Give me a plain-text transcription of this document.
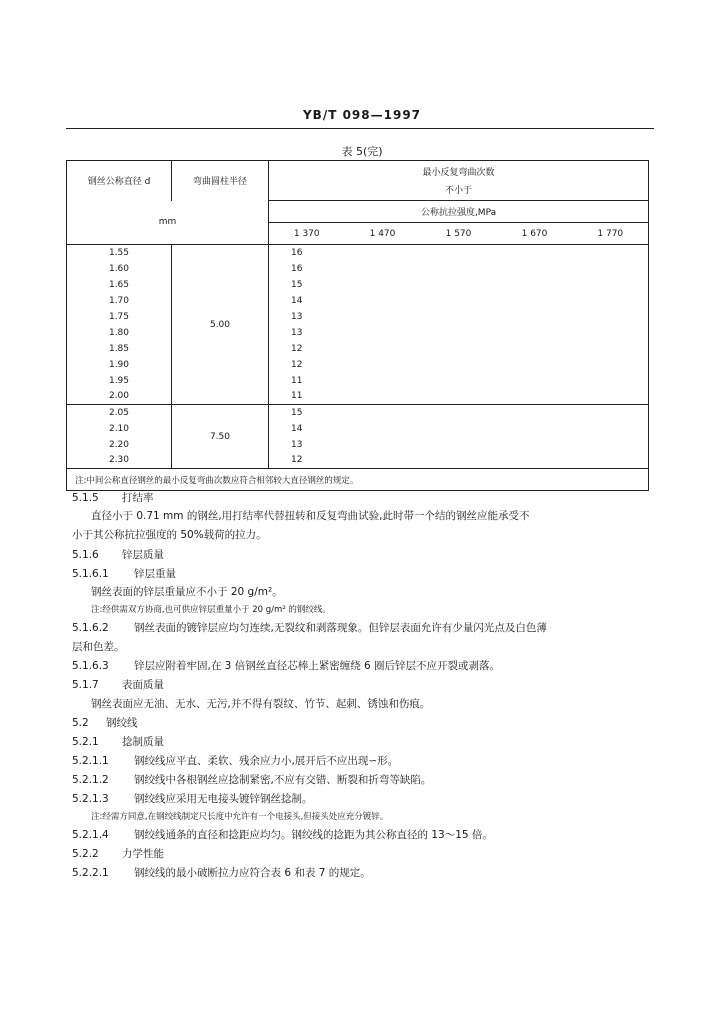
YB/T 098—1997
表 5(完)
钢丝公称直径 d	弯曲圆柱半径	最小反复弯曲次数
不小于				

mm		公称抗拉强度,MPa				
		1 370	1 470	1 570	1 670	1 770
1.55	5.00	16				
1.60		16				
1.65		15				
1.70		14				
1.75		13				
1.80		13				
1.85		12				
1.90		12				
1.95		11				
2.00		11				
2.05	7.50	15				
2.10		14				
2.20		13				
2.30		12				
注:中间公称直径钢丝的最小反复弯曲次数应符合相邻较大直径钢丝的规定。						
5.1.5 打结率
直径小于 0.71 mm 的钢丝,用打结率代替扭转和反复弯曲试验,此时带一个结的钢丝应能承受不
小于其公称抗拉强度的 50%载荷的拉力。
5.1.6 锌层质量
5.1.6.1 锌层重量
钢丝表面的锌层重量应不小于 20 g/m²。
注:经供需双方协商,也可供应锌层重量小于 20 g/m² 的钢绞线。
5.1.6.2 钢丝表面的镀锌层应均匀连续,无裂纹和剥落现象。但锌层表面允许有少量闪光点及白色薄
层和色差。
5.1.6.3 锌层应附着牢固,在 3 倍钢丝直径芯棒上紧密缠绕 6 圈后锌层不应开裂或剥落。
5.1.7 表面质量
钢丝表面应无油、无水、无污,并不得有裂纹、竹节、起刺、锈蚀和伤痕。
5.2 钢绞线
5.2.1 捻制质量
5.2.1.1 钢绞线应平直、柔软、残余应力小,展开后不应出现∽形。
5.2.1.2 钢绞线中各根钢丝应捻制紧密,不应有交错、断裂和折弯等缺陷。
5.2.1.3 钢绞线应采用无电接头镀锌钢丝捻制。
注:经需方同意,在钢绞线制定尺长度中允许有一个电接头,但接头处应充分镀锌。
5.2.1.4 钢绞线通条的直径和捻距应均匀。钢绞线的捻距为其公称直径的 13～15 倍。
5.2.2 力学性能
5.2.2.1 钢绞线的最小破断拉力应符合表 6 和表 7 的规定。
